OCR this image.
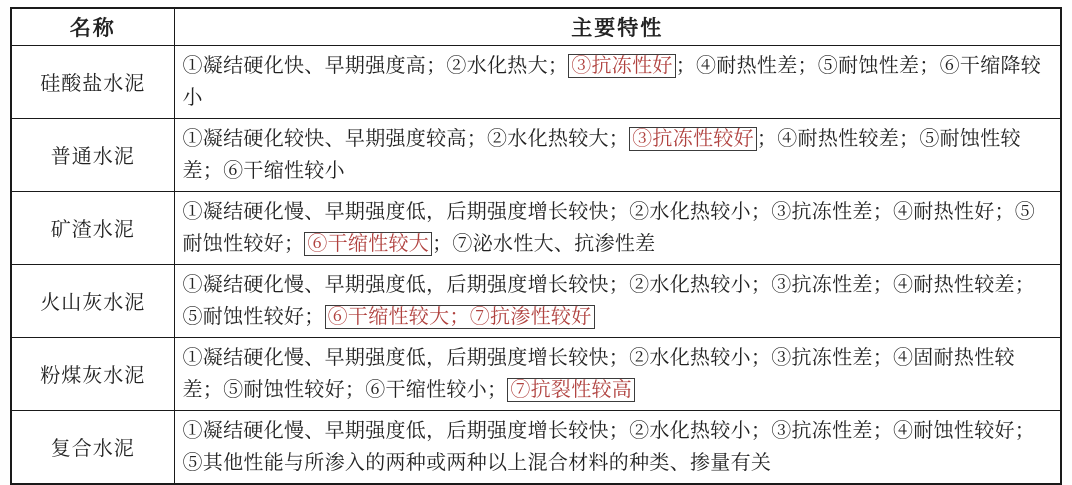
名称	主要特性
硅酸盐水泥	①凝结硬化快、早期强度高；②水化热大； ③抗冻性好 ；④耐热性差；⑤耐蚀性差；⑥干缩降较小
普通水泥	①凝结硬化较快、早期强度较高；②水化热较大； ③抗冻性较好 ；④耐热性较差；⑤耐蚀性较差；⑥干缩性较小
矿渣水泥	①凝结硬化慢、早期强度低，后期强度增长较快；②水化热较小；③抗冻性差；④耐热性好；⑤耐蚀性较好； ⑥干缩性较大 ；⑦泌水性大、抗渗性差
火山灰水泥	①凝结硬化慢、早期强度低，后期强度增长较快；②水化热较小；③抗冻性差；④耐热性较差；⑤耐蚀性较好； ⑥干缩性较大；⑦抗渗性较好
粉煤灰水泥	①凝结硬化慢、早期强度低，后期强度增长较快；②水化热较小；③抗冻性差；④固耐热性较差；⑤耐蚀性较好；⑥干缩性较小； ⑦抗裂性较高
复合水泥	①凝结硬化慢、早期强度低，后期强度增长较快；②水化热较小；③抗冻性差；④耐蚀性较好；⑤其他性能与所渗入的两种或两种以上混合材料的种类、掺量有关
